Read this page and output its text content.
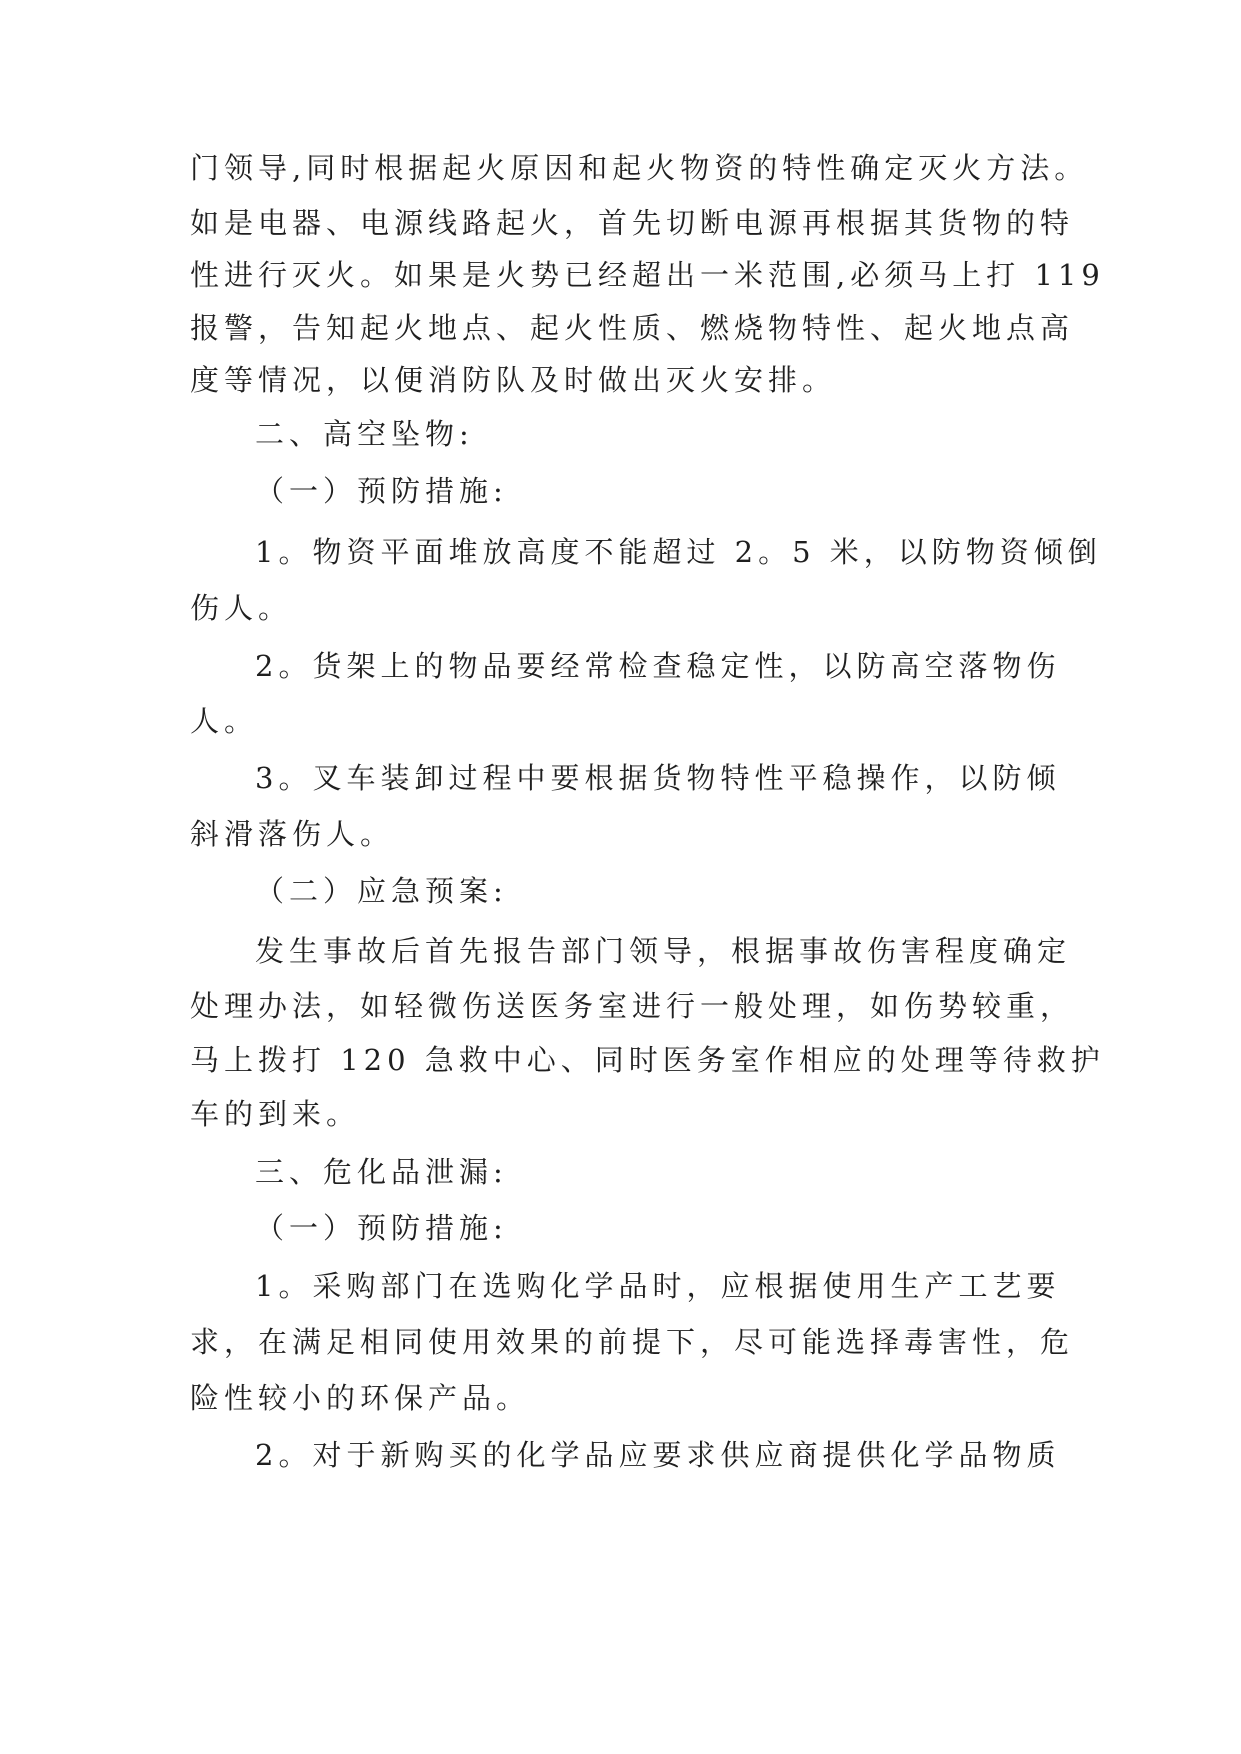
门领导,同时根据起火原因和起火物资的特性确定灭火方法。
如是电器、电源线路起火，首先切断电源再根据其货物的特
性进行灭火。如果是火势已经超出一米范围,必须马上打 119
报警，告知起火地点、起火性质、燃烧物特性、起火地点高
度等情况，以便消防队及时做出灭火安排。
二、高空坠物:
（一）预防措施:
1。物资平面堆放高度不能超过 2。5 米，以防物资倾倒
伤人。
2。货架上的物品要经常检查稳定性，以防高空落物伤
人。
3。叉车装卸过程中要根据货物特性平稳操作，以防倾
斜滑落伤人。
（二）应急预案:
发生事故后首先报告部门领导，根据事故伤害程度确定
处理办法，如轻微伤送医务室进行一般处理，如伤势较重，
马上拨打 120 急救中心、同时医务室作相应的处理等待救护
车的到来。
三、危化品泄漏:
（一）预防措施:
1。采购部门在选购化学品时，应根据使用生产工艺要
求，在满足相同使用效果的前提下，尽可能选择毒害性，危
险性较小的环保产品。
2。对于新购买的化学品应要求供应商提供化学品物质
